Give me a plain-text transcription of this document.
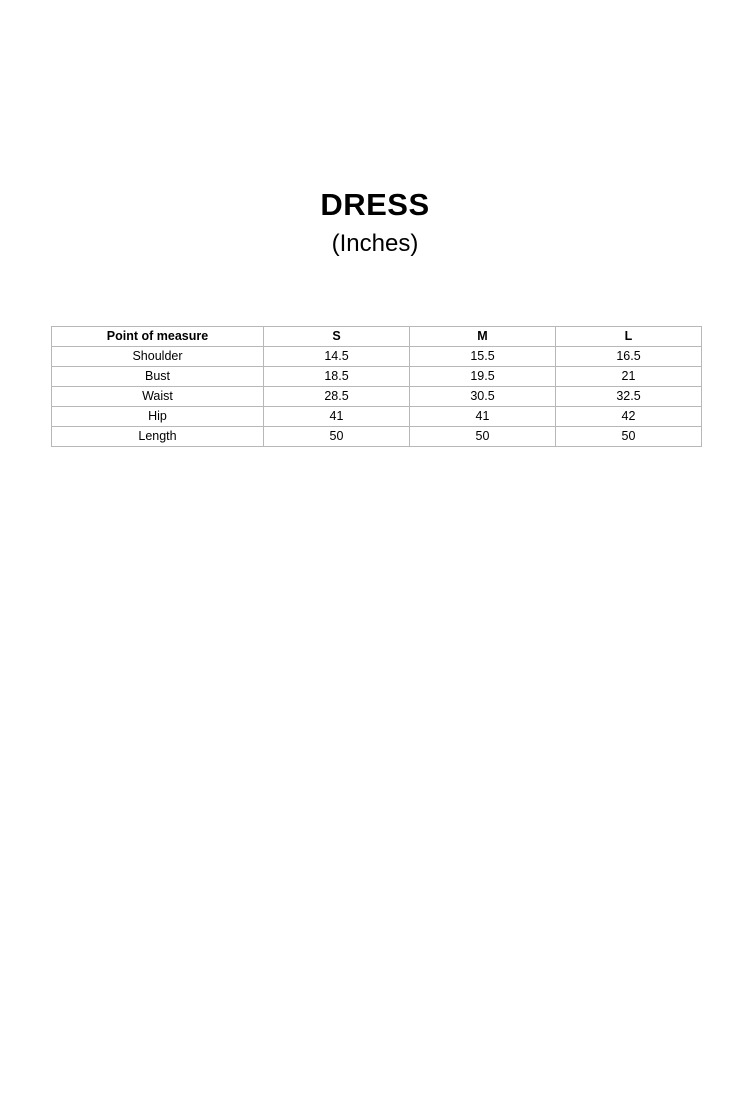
DRESS
(Inches)
Point of measure	S	M	L
Shoulder	14.5	15.5	16.5
Bust	18.5	19.5	21
Waist	28.5	30.5	32.5
Hip	41	41	42
Length	50	50	50
